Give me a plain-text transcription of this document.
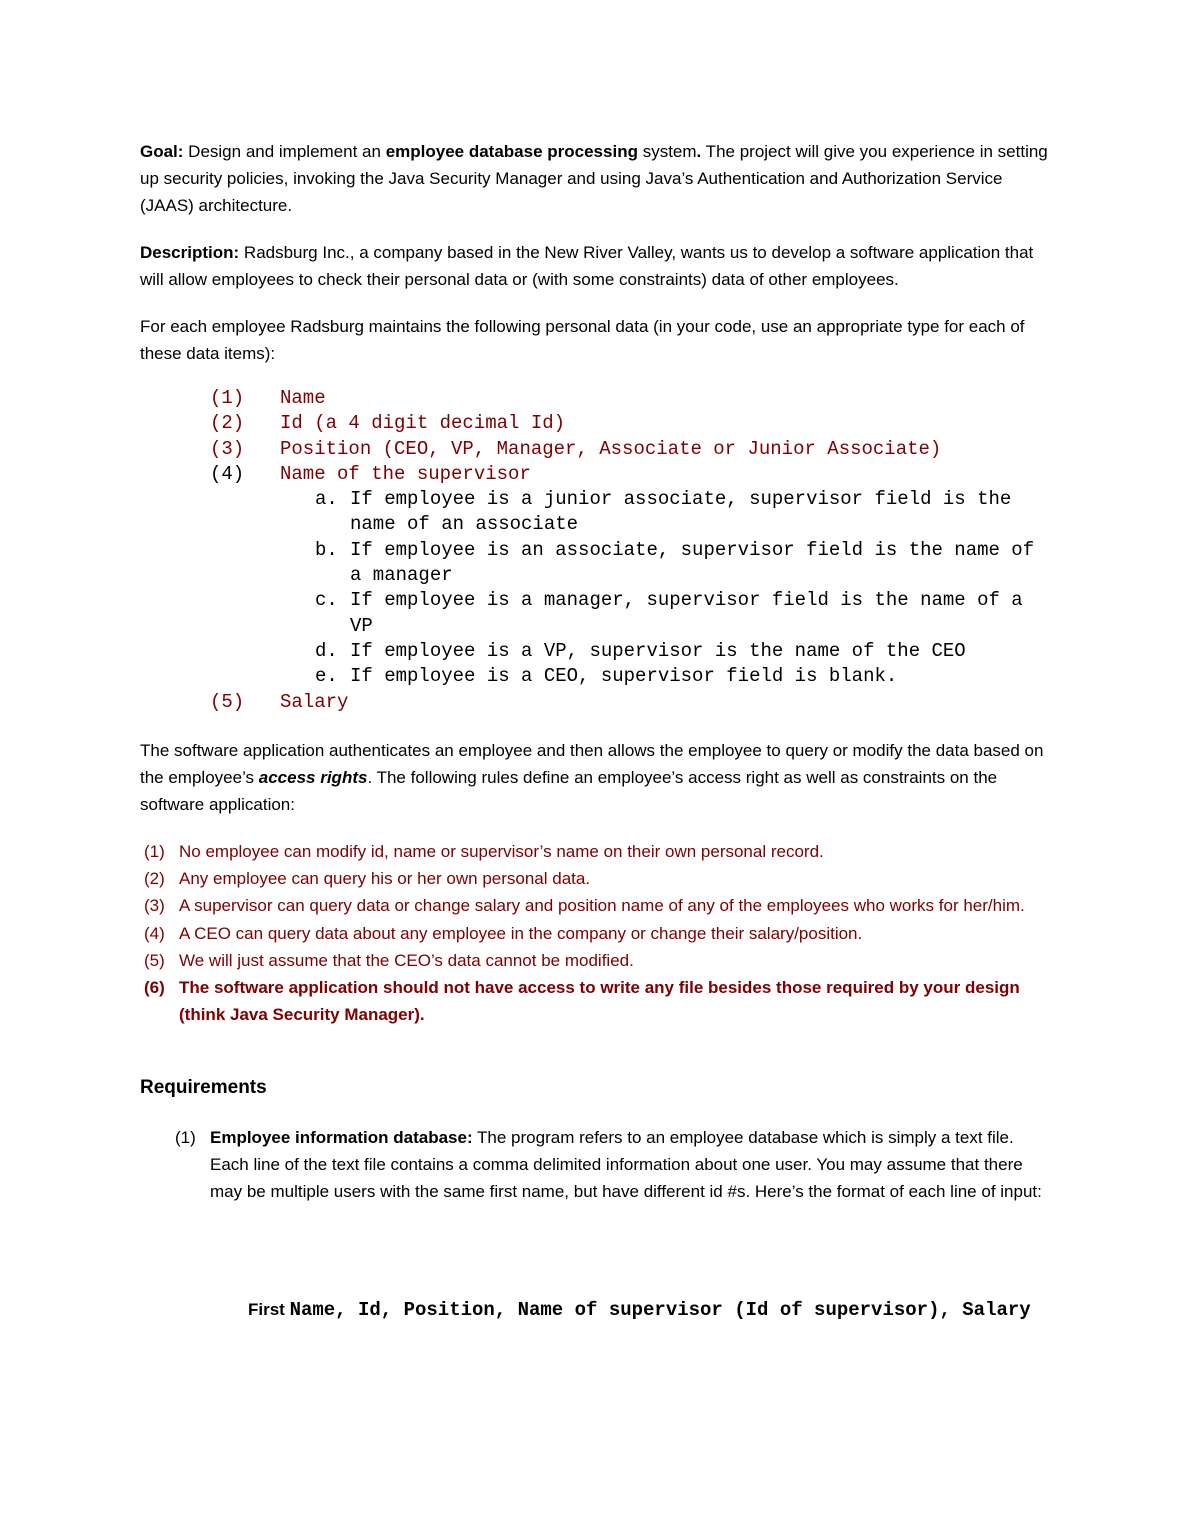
Goal: Design and implement an employee database processing system. The project will give you experience in setting up security policies, invoking the Java Security Manager and using Java’s Authentication and Authorization Service (JAAS) architecture.

Description: Radsburg Inc., a company based in the New River Valley, wants us to develop a software application that will allow employees to check their personal data or (with some constraints) data of other employees.

For each employee Radsburg maintains the following personal data (in your code, use an appropriate type for each of these data items):

(1) Name
(2) Id (a 4 digit decimal Id)
(3) Position (CEO, VP, Manager, Associate or Junior Associate)
(4) Name of the supervisor
a. If employee is a junior associate, supervisor field is the name of an associate
b. If employee is an associate, supervisor field is the name of a manager
c. If employee is a manager, supervisor field is the name of a VP
d. If employee is a VP, supervisor is the name of the CEO
e. If employee is a CEO, supervisor field is blank.
(5) Salary

The software application authenticates an employee and then allows the employee to query or modify the data based on the employee’s access rights. The following rules define an employee’s access right as well as constraints on the software application:

(1) No employee can modify id, name or supervisor’s name on their own personal record.
(2) Any employee can query his or her own personal data.
(3) A supervisor can query data or change salary and position name of any of the employees who works for her/him.
(4) A CEO can query data about any employee in the company or change their salary/position.
(5) We will just assume that the CEO’s data cannot be modified.
(6) The software application should not have access to write any file besides those required by your design (think Java Security Manager).
Requirements
(1) Employee information database: The program refers to an employee database which is simply a text file. Each line of the text file contains a comma delimited information about one user. You may assume that there may be multiple users with the same first name, but have different id #s. Here’s the format of each line of input:
First Name, Id, Position, Name of supervisor (Id of supervisor), Salary
